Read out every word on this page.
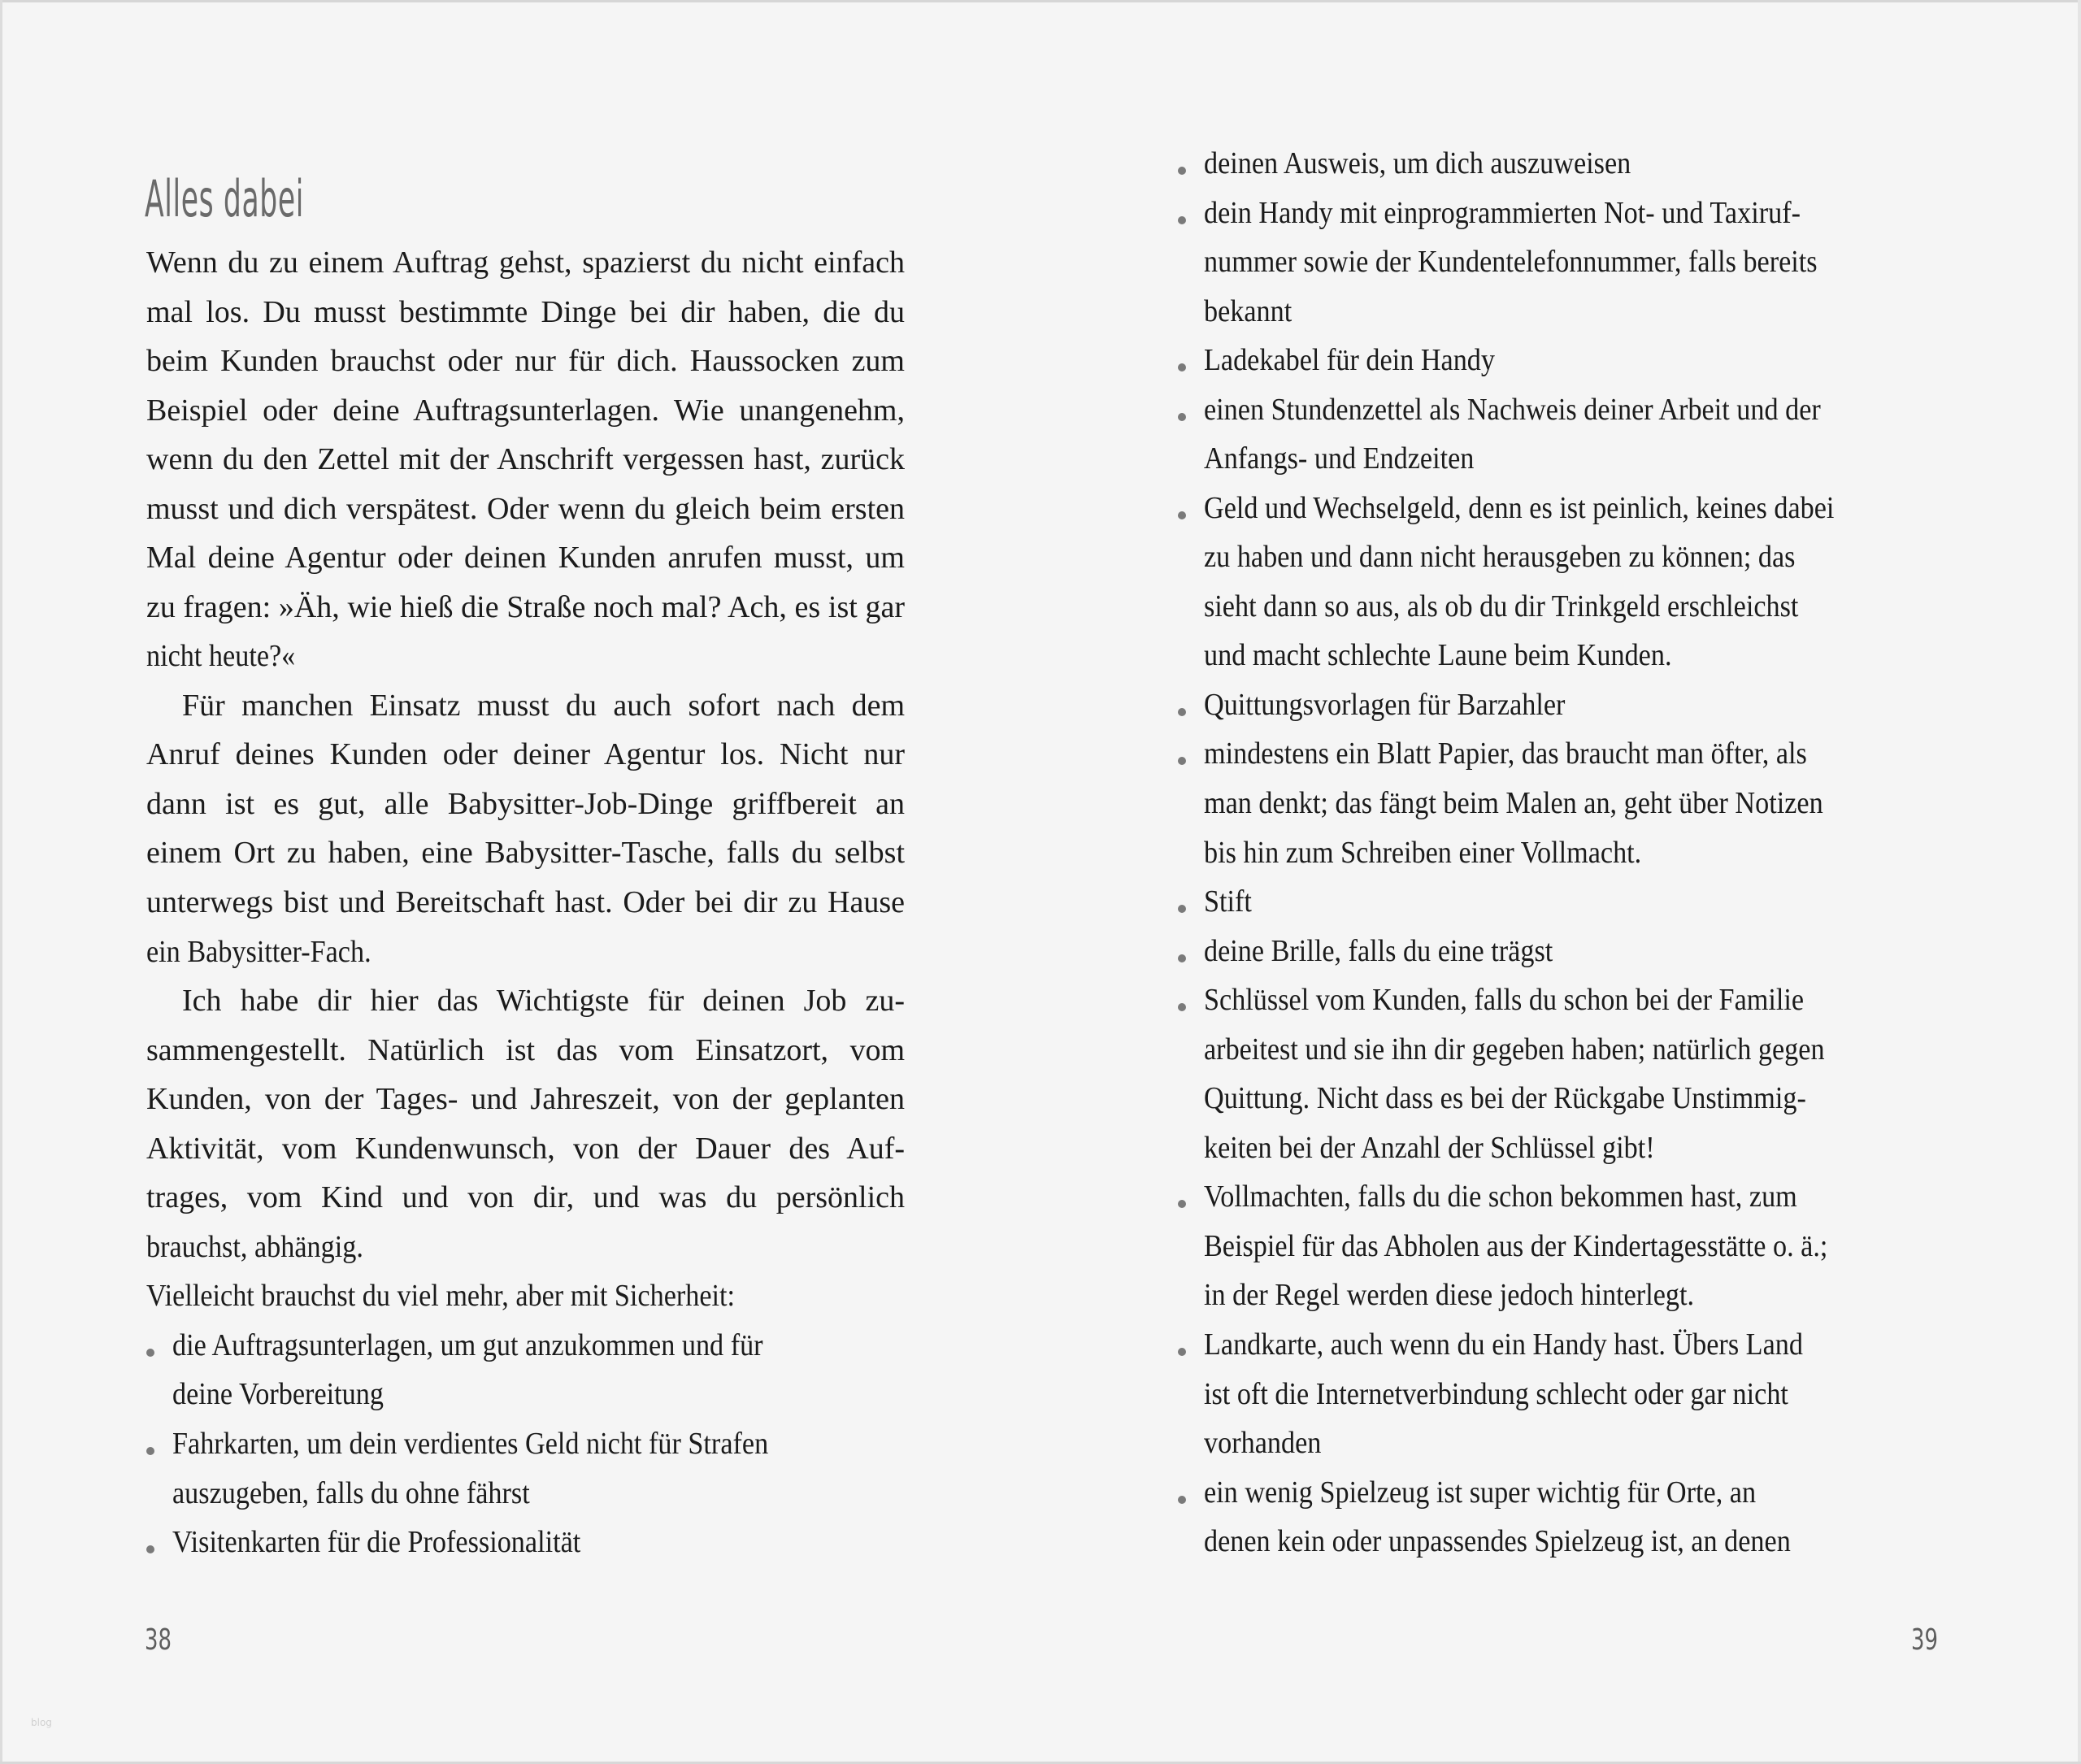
Alles dabei
Wenn du zu einem Auftrag gehst, spazierst du nicht einfach
mal los. Du musst bestimmte Dinge bei dir haben, die du
beim Kunden brauchst oder nur für dich. Haussocken zum
Beispiel oder deine Auftragsunterlagen. Wie unangenehm,
wenn du den Zettel mit der Anschrift vergessen hast, zurück
musst und dich verspätest. Oder wenn du gleich beim ersten
Mal deine Agentur oder deinen Kunden anrufen musst, um
zu fragen: »Äh, wie hieß die Straße noch mal? Ach, es ist gar
nicht heute?«
Für manchen Einsatz musst du auch sofort nach dem
Anruf deines Kunden oder deiner Agentur los. Nicht nur
dann ist es gut, alle Babysitter-Job-Dinge griffbereit an
einem Ort zu haben, eine Babysitter-Tasche, falls du selbst
unterwegs bist und Bereitschaft hast. Oder bei dir zu Hause
ein Babysitter-Fach.
Ich habe dir hier das Wichtigste für deinen Job zu-
sammengestellt. Natürlich ist das vom Einsatzort, vom
Kunden, von der Tages- und Jahreszeit, von der geplanten
Aktivität, vom Kundenwunsch, von der Dauer des Auf-
trages, vom Kind und von dir, und was du persönlich
brauchst, abhängig.
Vielleicht brauchst du viel mehr, aber mit Sicherheit:
die Auftragsunterlagen, um gut anzukommen und für
deine Vorbereitung
Fahrkarten, um dein verdientes Geld nicht für Strafen
auszugeben, falls du ohne fährst
Visitenkarten für die Professionalität
38
deinen Ausweis, um dich auszuweisen
dein Handy mit einprogrammierten Not- und Taxiruf-
nummer sowie der Kundentelefonnummer, falls bereits
bekannt
Ladekabel für dein Handy
einen Stundenzettel als Nachweis deiner Arbeit und der
Anfangs- und Endzeiten
Geld und Wechselgeld, denn es ist peinlich, keines dabei
zu haben und dann nicht herausgeben zu können; das
sieht dann so aus, als ob du dir Trinkgeld erschleichst
und macht schlechte Laune beim Kunden.
Quittungsvorlagen für Barzahler
mindestens ein Blatt Papier, das braucht man öfter, als
man denkt; das fängt beim Malen an, geht über Notizen
bis hin zum Schreiben einer Vollmacht.
Stift
deine Brille, falls du eine trägst
Schlüssel vom Kunden, falls du schon bei der Familie
arbeitest und sie ihn dir gegeben haben; natürlich gegen
Quittung. Nicht dass es bei der Rückgabe Unstimmig-
keiten bei der Anzahl der Schlüssel gibt!
Vollmachten, falls du die schon bekommen hast, zum
Beispiel für das Abholen aus der Kindertagesstätte o. ä.;
in der Regel werden diese jedoch hinterlegt.
Landkarte, auch wenn du ein Handy hast. Übers Land
ist oft die Internetverbindung schlecht oder gar nicht
vorhanden
ein wenig Spielzeug ist super wichtig für Orte, an
denen kein oder unpassendes Spielzeug ist, an denen
39
blog
